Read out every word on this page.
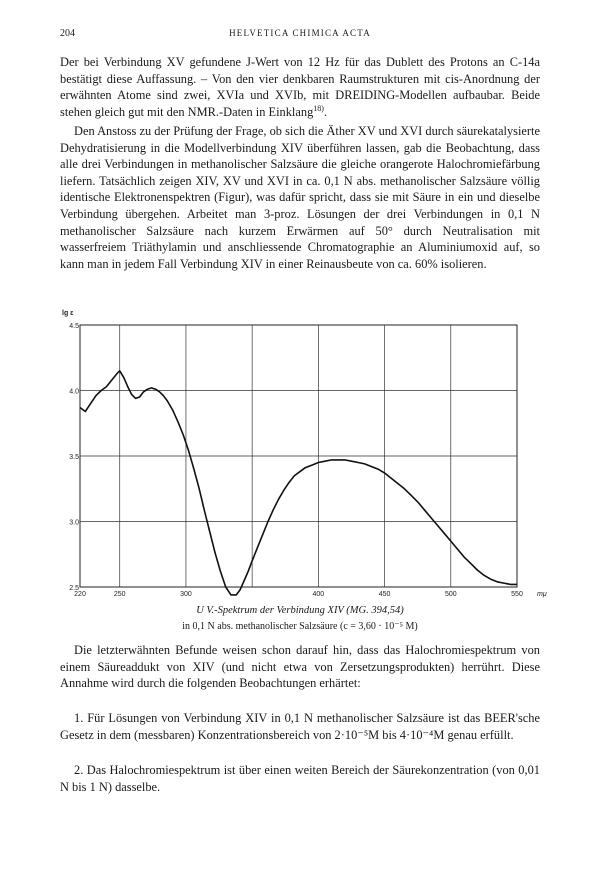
204	HELVETICA CHIMICA ACTA

Der bei Verbindung XV gefundene J-Wert von 12 Hz für das Dublett des Protons an C-14a bestätigt diese Auffassung. – Von den vier denkbaren Raumstrukturen mit cis-Anordnung der erwähnten Atome sind zwei, XVIa und XVIb, mit DREIDING-Modellen aufbaubar. Beide stehen gleich gut mit den NMR.-Daten in Einklang$^{18)}$.

Den Anstoss zu der Prüfung der Frage, ob sich die Äther XV und XVI durch säurekatalysierte Dehydratisierung in die Modellverbindung XIV überführen lassen, gab die Beobachtung, dass alle drei Verbindungen in methanolischer Salzsäure die gleiche orangerote Halochromiefärbung liefern. Tatsächlich zeigen XIV, XV und XVI in ca. 0,1 N abs. methanolischer Salzsäure völlig identische Elektronenspektren (Figur), was dafür spricht, dass sie mit Säure in ein und dieselbe Verbindung übergehen. Arbeitet man 3-proz. Lösungen der drei Verbindungen in 0,1 N methanolischer Salzsäure nach kurzem Erwärmen auf 50° durch Neutralisation mit wasserfreiem Triäthylamin und anschliessende Chromatographie an Aluminiumoxid auf, so kann man in jedem Fall Verbindung XIV in einer Reinausbeute von ca. 60% isolieren.

2.5
3.0
3.5
4.0
4.5
220	250	300	400	450	500	550
lg ε
mμ
U V.-Spektrum der Verbindung XIV (MG. 394,54)
in 0,1 N abs. methanolischer Salzsäure (c = 3,60 · 10⁻⁵ M)

Die letzterwähnten Befunde weisen schon darauf hin, dass das Halochromiespektrum von einem Säureaddukt von XIV (und nicht etwa von Zersetzungsprodukten) herrührt. Diese Annahme wird durch die folgenden Beobachtungen erhärtet:

1. Für Lösungen von Verbindung XIV in 0,1 N methanolischer Salzsäure ist das BEER'sche Gesetz in dem (messbaren) Konzentrationsbereich von 2·10⁻⁵M bis 4·10⁻⁴M genau erfüllt.

2. Das Halochromiespektrum ist über einen weiten Bereich der Säurekonzentration (von 0,01 N bis 1 N) dasselbe.
